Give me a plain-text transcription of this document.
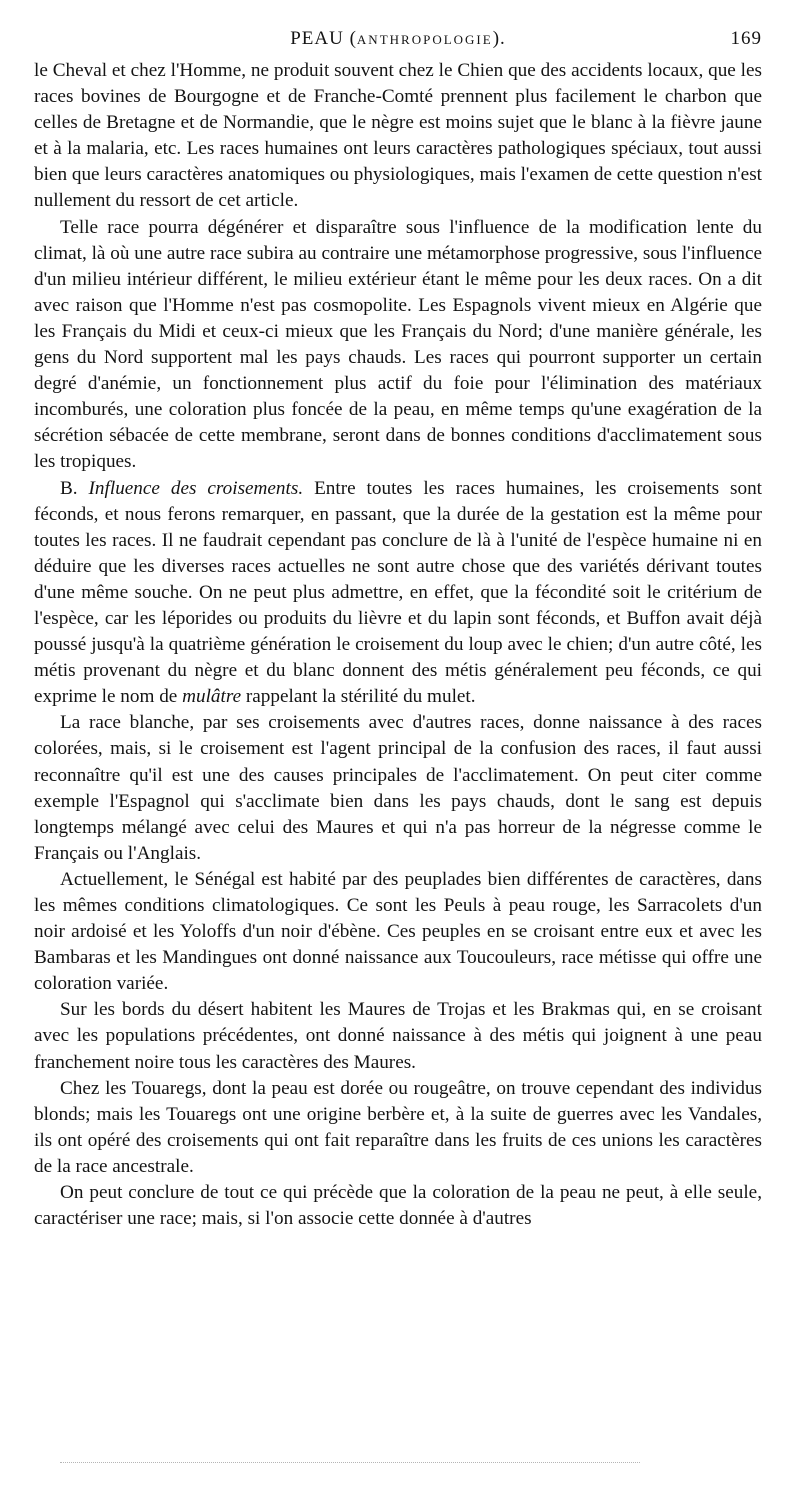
PEAU (ANTHROPOLOGIE).	169

le Cheval et chez l'Homme, ne produit souvent chez le Chien que des accidents locaux, que les races bovines de Bourgogne et de Franche-Comté prennent plus facilement le charbon que celles de Bretagne et de Normandie, que le nègre est moins sujet que le blanc à la fièvre jaune et à la malaria, etc. Les races humaines ont leurs caractères pathologiques spéciaux, tout aussi bien que leurs caractères anatomiques ou physiologiques, mais l'examen de cette question n'est nullement du ressort de cet article.

Telle race pourra dégénérer et disparaître sous l'influence de la modification lente du climat, là où une autre race subira au contraire une métamorphose progressive, sous l'influence d'un milieu intérieur différent, le milieu extérieur étant le même pour les deux races. On a dit avec raison que l'Homme n'est pas cosmopolite. Les Espagnols vivent mieux en Algérie que les Français du Midi et ceux-ci mieux que les Français du Nord; d'une manière générale, les gens du Nord supportent mal les pays chauds. Les races qui pourront supporter un certain degré d'anémie, un fonctionnement plus actif du foie pour l'élimination des matériaux incomburés, une coloration plus foncée de la peau, en même temps qu'une exagération de la sécrétion sébacée de cette membrane, seront dans de bonnes conditions d'acclimatement sous les tropiques.

B. Influence des croisements. Entre toutes les races humaines, les croisements sont féconds, et nous ferons remarquer, en passant, que la durée de la gestation est la même pour toutes les races. Il ne faudrait cependant pas conclure de là à l'unité de l'espèce humaine ni en déduire que les diverses races actuelles ne sont autre chose que des variétés dérivant toutes d'une même souche. On ne peut plus admettre, en effet, que la fécondité soit le critérium de l'espèce, car les léporides ou produits du lièvre et du lapin sont féconds, et Buffon avait déjà poussé jusqu'à la quatrième génération le croisement du loup avec le chien; d'un autre côté, les métis provenant du nègre et du blanc donnent des métis généralement peu féconds, ce qui exprime le nom de mulâtre rappelant la stérilité du mulet.

La race blanche, par ses croisements avec d'autres races, donne naissance à des races colorées, mais, si le croisement est l'agent principal de la confusion des races, il faut aussi reconnaître qu'il est une des causes principales de l'acclimatement. On peut citer comme exemple l'Espagnol qui s'acclimate bien dans les pays chauds, dont le sang est depuis longtemps mélangé avec celui des Maures et qui n'a pas horreur de la négresse comme le Français ou l'Anglais.

Actuellement, le Sénégal est habité par des peuplades bien différentes de caractères, dans les mêmes conditions climatologiques. Ce sont les Peuls à peau rouge, les Sarracolets d'un noir ardoisé et les Yoloffs d'un noir d'ébène. Ces peuples en se croisant entre eux et avec les Bambaras et les Mandingues ont donné naissance aux Toucouleurs, race métisse qui offre une coloration variée.

Sur les bords du désert habitent les Maures de Trojas et les Brakmas qui, en se croisant avec les populations précédentes, ont donné naissance à des métis qui joignent à une peau franchement noire tous les caractères des Maures.

Chez les Touaregs, dont la peau est dorée ou rougeâtre, on trouve cependant des individus blonds; mais les Touaregs ont une origine berbère et, à la suite de guerres avec les Vandales, ils ont opéré des croisements qui ont fait reparaître dans les fruits de ces unions les caractères de la race ancestrale.

On peut conclure de tout ce qui précède que la coloration de la peau ne peut, à elle seule, caractériser une race; mais, si l'on associe cette donnée à d'autres
